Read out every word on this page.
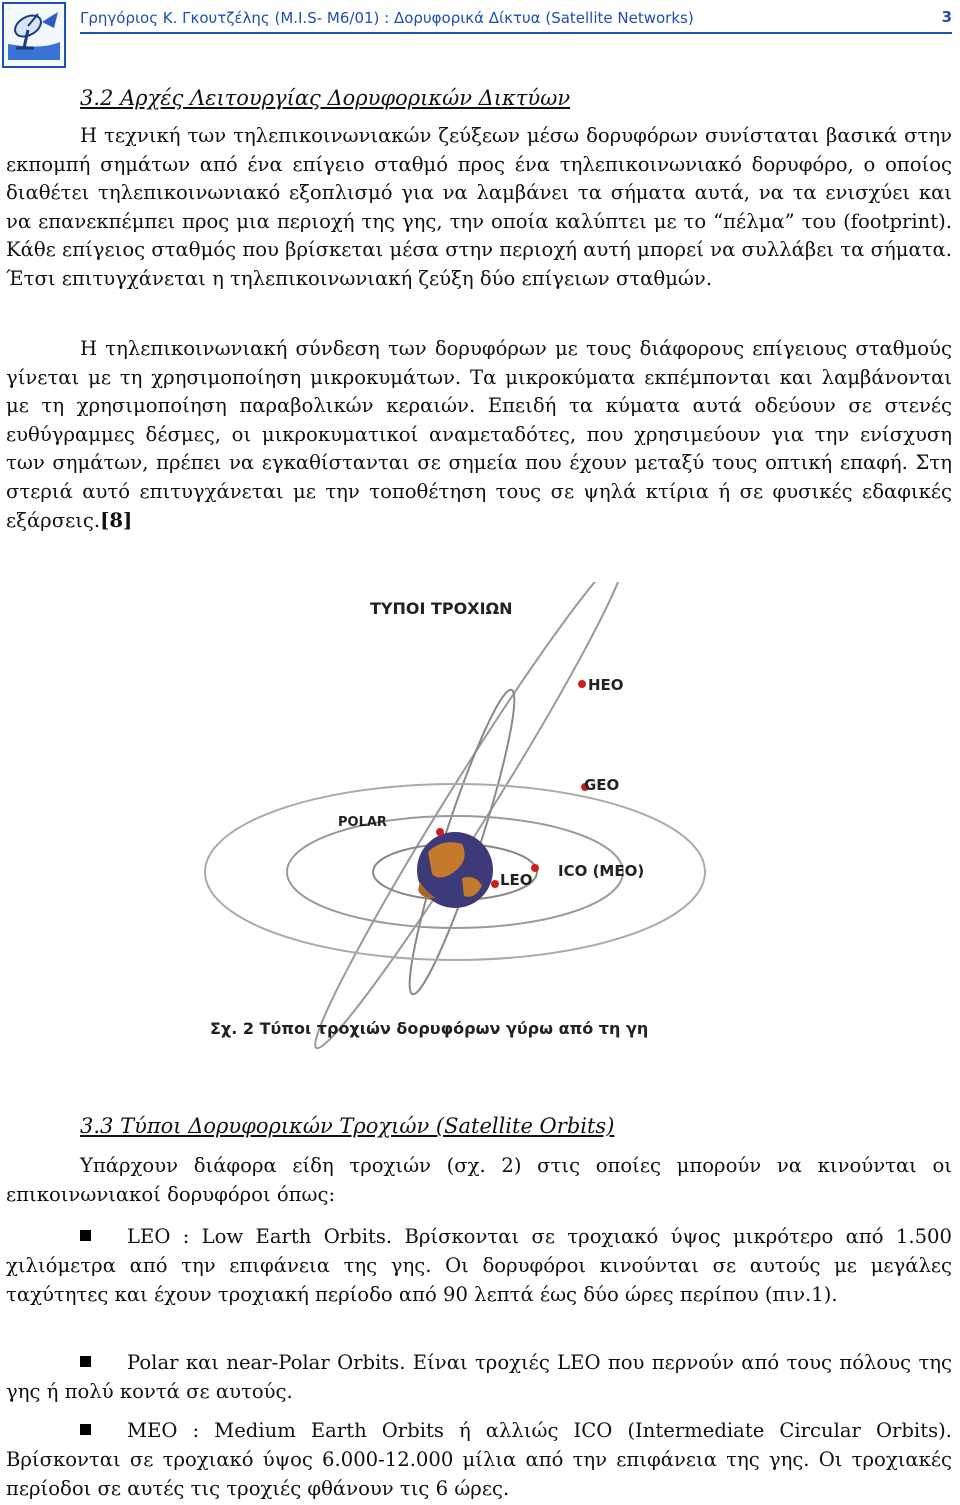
Γρηγόριος Κ. Γκουτζέλης (Μ.Ι.S- Μ6/01) : Δορυφορικά Δίκτυα (Satellite Networks)	3
3.2 Αρχές Λειτουργίας Δορυφορικών Δικτύων

Η τεχνική των τηλεπικοινωνιακών ζεύξεων μέσω δορυφόρων συνίσταται βασικά στην εκπομπή σημάτων από ένα επίγειο σταθμό προς ένα τηλεπικοινωνιακό δορυφόρο, ο οποίος διαθέτει τηλεπικοινωνιακό εξοπλισμό για να λαμβάνει τα σήματα αυτά, να τα ενισχύει και να επανεκπέμπει προς μια περιοχή της γης, την οποία καλύπτει με το “πέλμα” του (footprint). Κάθε επίγειος σταθμός που βρίσκεται μέσα στην περιοχή αυτή μπορεί να συλλάβει τα σήματα. Έτσι επιτυγχάνεται η τηλεπικοινωνιακή ζεύξη δύο επίγειων σταθμών.

Η τηλεπικοινωνιακή σύνδεση των δορυφόρων με τους διάφορους επίγειους σταθμούς γίνεται με τη χρησιμοποίηση μικροκυμάτων. Τα μικροκύματα εκπέμπονται και λαμβάνονται με τη χρησιμοποίηση παραβολικών κεραιών. Επειδή τα κύματα αυτά οδεύουν σε στενές ευθύγραμμες δέσμες, οι μικροκυματικοί αναμεταδότες, που χρησιμεύουν για την ενίσχυση των σημάτων, πρέπει να εγκαθίστανται σε σημεία που έχουν μεταξύ τους οπτική επαφή. Στη στεριά αυτό επιτυγχάνεται με την τοποθέτηση τους σε ψηλά κτίρια ή σε φυσικές εδαφικές εξάρσεις.[8]

ΤΥΠΟΙ ΤΡΟΧΙΩΝ
HEO
GEO
POLAR
ICO (MEO)
LEO
Σχ. 2 Τύποι τροχιών δορυφόρων γύρω από τη γη
3.3 Τύποι Δορυφορικών Τροχιών (Satellite Orbits)

Υπάρχουν διάφορα είδη τροχιών (σχ. 2) στις οποίες μπορούν να κινούνται οι επικοινωνιακοί δορυφόροι όπως:

LEO : Low Earth Orbits. Βρίσκονται σε τροχιακό ύψος μικρότερο από 1.500 χιλιόμετρα από την επιφάνεια της γης. Οι δορυφόροι κινούνται σε αυτούς με μεγάλες ταχύτητες και έχουν τροχιακή περίοδο από 90 λεπτά έως δύο ώρες περίπου (πιν.1).

Polar και near-Polar Orbits. Είναι τροχιές LEO που περνούν από τους πόλους της γης ή πολύ κοντά σε αυτούς.

MEO : Medium Earth Orbits ή αλλιώς ICO (Intermediate Circular Orbits). Βρίσκονται σε τροχιακό ύψος 6.000-12.000 μίλια από την επιφάνεια της γης. Οι τροχιακές περίοδοι σε αυτές τις τροχιές φθάνουν τις 6 ώρες.
